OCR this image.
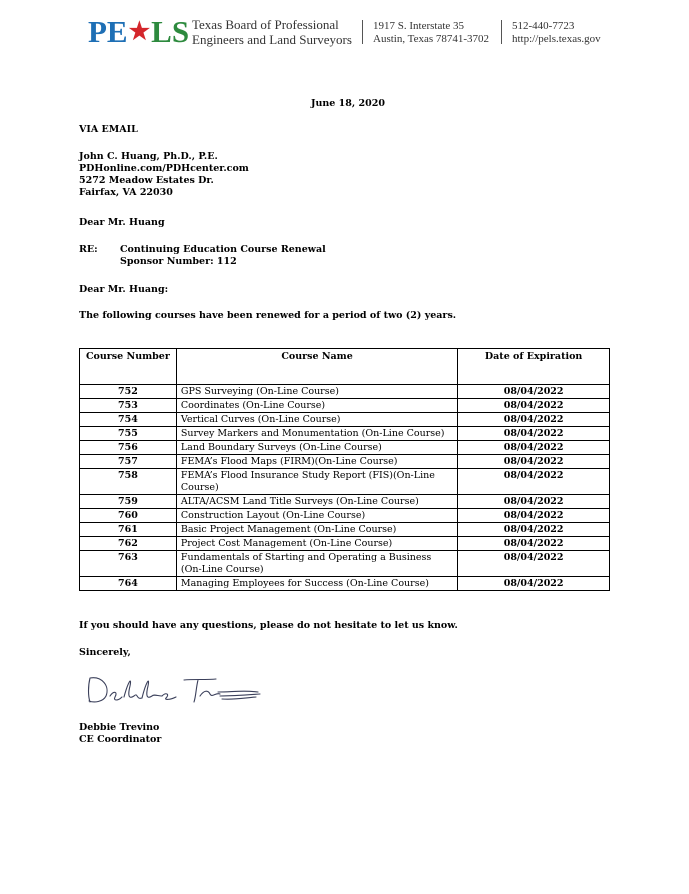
PE★LS Texas Board of Professional
Engineers and Land Surveyors
1917 S. Interstate 35
Austin, Texas 78741-3702
512-440-7723
http://pels.texas.gov
June 18, 2020
VIA EMAIL
John C. Huang, Ph.D., P.E.
PDHonline.com/PDHcenter.com
5272 Meadow Estates Dr.
Fairfax, VA 22030
Dear Mr. Huang
RE: Continuing Education Course Renewal
Sponsor Number: 112
Dear Mr. Huang:
The following courses have been renewed for a period of two (2) years.
Course Number	Course Name	Date of Expiration
752	GPS Surveying (On-Line Course)	08/04/2022
753	Coordinates (On-Line Course)	08/04/2022
754	Vertical Curves (On-Line Course)	08/04/2022
755	Survey Markers and Monumentation (On-Line Course)	08/04/2022
756	Land Boundary Surveys (On-Line Course)	08/04/2022
757	FEMA’s Flood Maps (FIRM)(On-Line Course)	08/04/2022
758	FEMA’s Flood Insurance Study Report (FIS)(On-Line Course)	08/04/2022
759	ALTA/ACSM Land Title Surveys (On-Line Course)	08/04/2022
760	Construction Layout (On-Line Course)	08/04/2022
761	Basic Project Management (On-Line Course)	08/04/2022
762	Project Cost Management (On-Line Course)	08/04/2022
763	Fundamentals of Starting and Operating a Business (On-Line Course)	08/04/2022
764	Managing Employees for Success (On-Line Course)	08/04/2022
If you should have any questions, please do not hesitate to let us know.
Sincerely,
Debbie Trevino
CE Coordinator
